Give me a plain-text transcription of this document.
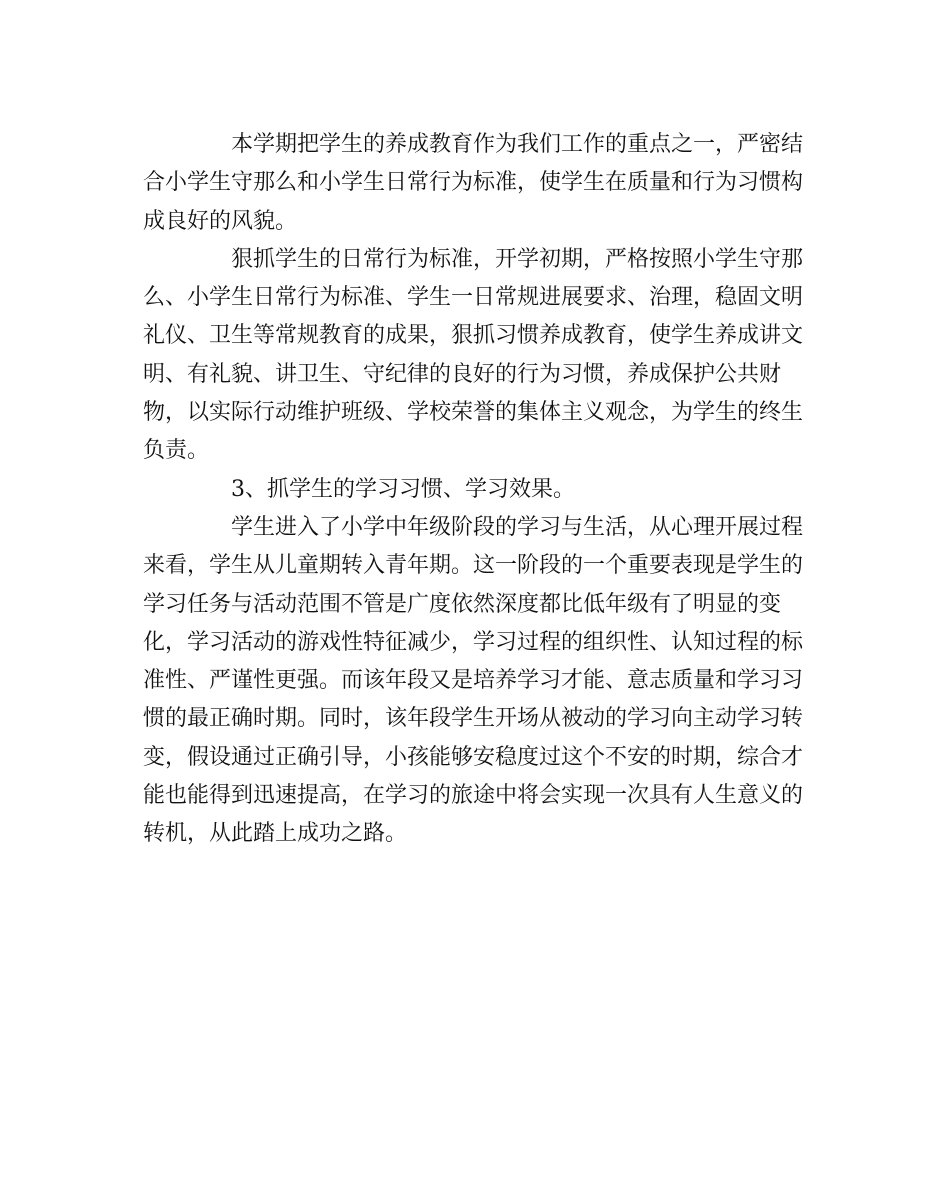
本学期把学生的养成教育作为我们工作的重点之一，严密结
合小学生守那么和小学生日常行为标准，使学生在质量和行为习惯构
成良好的风貌。
狠抓学生的日常行为标准，开学初期，严格按照小学生守那
么、小学生日常行为标准、学生一日常规进展要求、治理，稳固文明
礼仪、卫生等常规教育的成果，狠抓习惯养成教育，使学生养成讲文
明、有礼貌、讲卫生、守纪律的良好的行为习惯，养成保护公共财
物，以实际行动维护班级、学校荣誉的集体主义观念，为学生的终生
负责。
3、抓学生的学习习惯、学习效果。
学生进入了小学中年级阶段的学习与生活，从心理开展过程
来看，学生从儿童期转入青年期。这一阶段的一个重要表现是学生的
学习任务与活动范围不管是广度依然深度都比低年级有了明显的变
化，学习活动的游戏性特征减少，学习过程的组织性、认知过程的标
准性、严谨性更强。而该年段又是培养学习才能、意志质量和学习习
惯的最正确时期。同时，该年段学生开场从被动的学习向主动学习转
变，假设通过正确引导，小孩能够安稳度过这个不安的时期，综合才
能也能得到迅速提高，在学习的旅途中将会实现一次具有人生意义的
转机，从此踏上成功之路。
